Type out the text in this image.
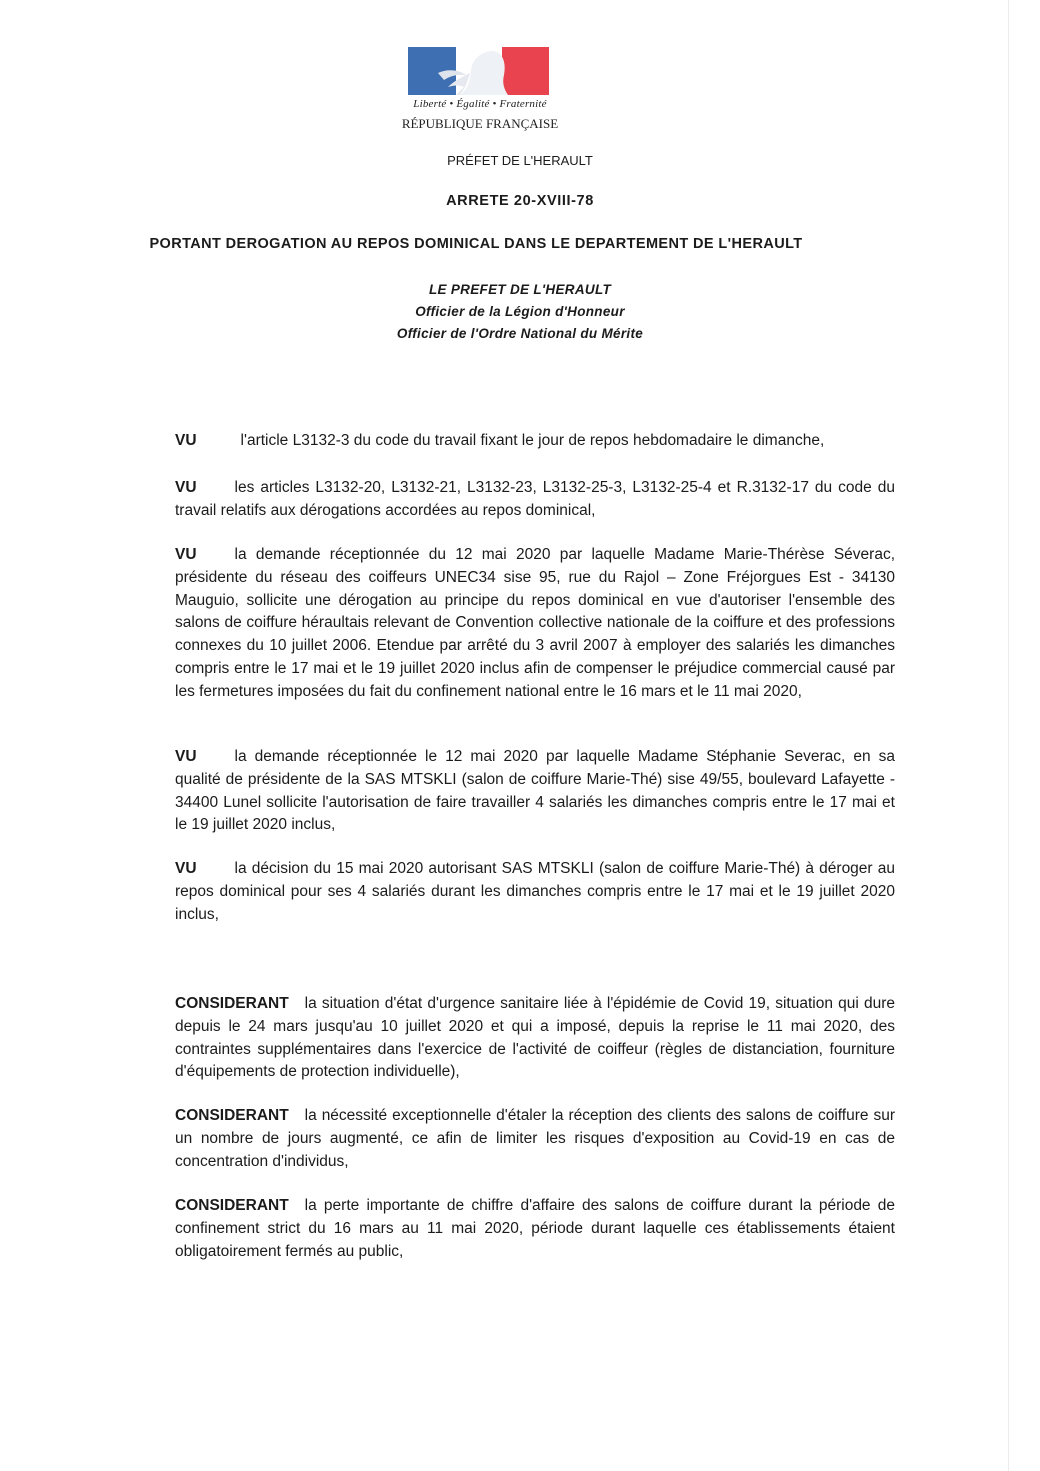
Liberté • Égalité • Fraternité
RÉPUBLIQUE FRANÇAISE
PRÉFET DE L'HERAULT
ARRETE 20-XVIII-78
PORTANT DEROGATION AU REPOS DOMINICAL DANS LE DEPARTEMENT DE L'HERAULT
LE PREFET DE L'HERAULT
Officier de la Légion d'Honneur
Officier de l'Ordre National du Mérite

VU	l'article L3132-3 du code du travail fixant le jour de repos hebdomadaire le dimanche,

VU les articles L3132-20, L3132-21, L3132-23, L3132-25-3, L3132-25-4 et R.3132-17 du code du travail relatifs aux dérogations accordées au repos dominical,

VU la demande réceptionnée du 12 mai 2020 par laquelle Madame Marie-Thérèse Séverac, présidente du réseau des coiffeurs UNEC34 sise 95, rue du Rajol – Zone Fréjorgues Est - 34130 Mauguio, sollicite une dérogation au principe du repos dominical en vue d'autoriser l'ensemble des salons de coiffure héraultais relevant de Convention collective nationale de la coiffure et des professions connexes du 10 juillet 2006. Etendue par arrêté du 3 avril 2007 à employer des salariés les dimanches compris entre le 17 mai et le 19 juillet 2020 inclus afin de compenser le préjudice commercial causé par les fermetures imposées du fait du confinement national entre le 16 mars et le 11 mai 2020,

VU la demande réceptionnée le 12 mai 2020 par laquelle Madame Stéphanie Severac, en sa qualité de présidente de la SAS MTSKLI (salon de coiffure Marie-Thé) sise 49/55, boulevard Lafayette - 34400 Lunel sollicite l'autorisation de faire travailler 4 salariés les dimanches compris entre le 17 mai et le 19 juillet 2020 inclus,

VU la décision du 15 mai 2020 autorisant SAS MTSKLI (salon de coiffure Marie-Thé) à déroger au repos dominical pour ses 4 salariés durant les dimanches compris entre le 17 mai et le 19 juillet 2020 inclus,

CONSIDERANT la situation d'état d'urgence sanitaire liée à l'épidémie de Covid 19, situation qui dure depuis le 24 mars jusqu'au 10 juillet 2020 et qui a imposé, depuis la reprise le 11 mai 2020, des contraintes supplémentaires dans l'exercice de l'activité de coiffeur (règles de distanciation, fourniture d'équipements de protection individuelle),

CONSIDERANT la nécessité exceptionnelle d'étaler la réception des clients des salons de coiffure sur un nombre de jours augmenté, ce afin de limiter les risques d'exposition au Covid-19 en cas de concentration d'individus,

CONSIDERANT la perte importante de chiffre d'affaire des salons de coiffure durant la période de confinement strict du 16 mars au 11 mai 2020, période durant laquelle ces établissements étaient obligatoirement fermés au public,
